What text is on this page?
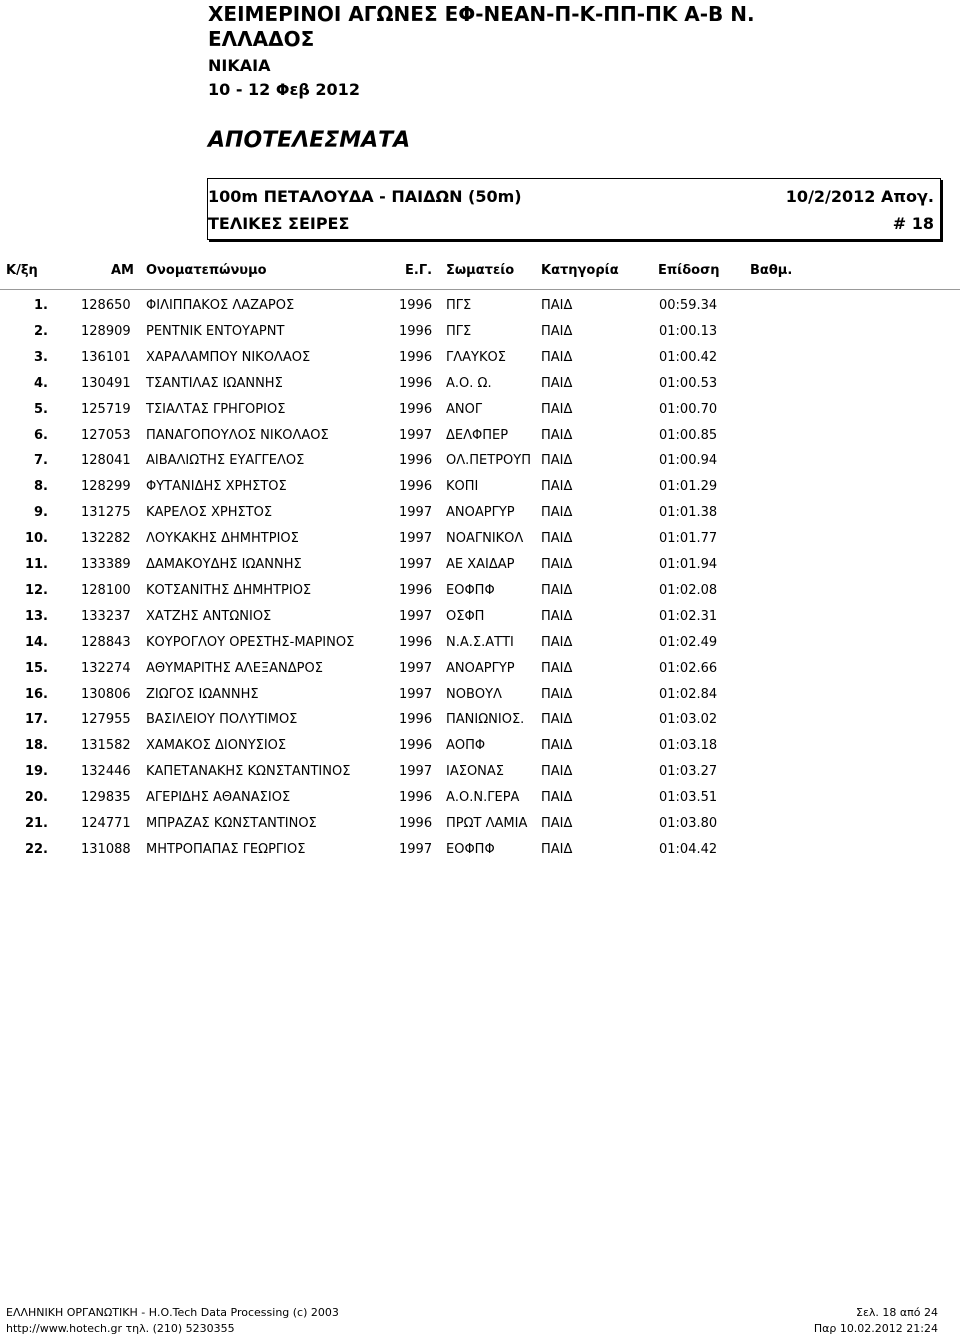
ΧΕΙΜΕΡΙΝΟΙ ΑΓΩΝΕΣ ΕΦ-ΝΕΑΝ-Π-Κ-ΠΠ-ΠΚ Α-Β Ν.
ΕΛΛΑΔΟΣ
ΝΙΚΑΙΑ
10 - 12 Φεβ 2012
ΑΠΟΤΕΛΕΣΜΑΤΑ
100m ΠΕΤΑΛΟΥΔΑ - ΠΑΙΔΩΝ (50m)	10/2/2012 Απογ.
ΤΕΛΙΚΕΣ ΣΕΙΡΕΣ	# 18
Κ/ξη	ΑΜ Ονοματεπώνυμο	Ε.Γ. Σωματείο Κατηγορία	Επίδοση Βαθμ.
1.	128650 ΦΙΛΙΠΠΑΚΟΣ ΛΑΖΑΡΟΣ	1996 ΠΓΣ	ΠΑΙΔ	00:59.34
2.	128909 ΡΕΝΤΝΙΚ ΕΝΤΟΥΑΡΝΤ	1996 ΠΓΣ	ΠΑΙΔ	01:00.13
3.	136101 ΧΑΡΑΛΑΜΠΟΥ ΝΙΚΟΛΑΟΣ	1996 ΓΛΑΥΚΟΣ	ΠΑΙΔ	01:00.42
4.	130491 ΤΣΑΝΤΙΛΑΣ ΙΩΑΝΝΗΣ	1996 Α.Ο. Ω.	ΠΑΙΔ	01:00.53
5.	125719 ΤΣΙΑΛΤΑΣ ΓΡΗΓΟΡΙΟΣ	1996 ΑΝΟΓ	ΠΑΙΔ	01:00.70
6.	127053 ΠΑΝΑΓΟΠΟΥΛΟΣ ΝΙΚΟΛΑΟΣ	1997 ΔΕΛΦΠΕΡ	ΠΑΙΔ	01:00.85
7.	128041 ΑΙΒΑΛΙΩΤΗΣ ΕΥΑΓΓΕΛΟΣ	1996 ΟΛ.ΠΕΤΡΟΥΠ ΠΑΙΔ	01:00.94
8.	128299 ΦΥΤΑΝΙΔΗΣ ΧΡΗΣΤΟΣ	1996 ΚΟΠΙ	ΠΑΙΔ	01:01.29
9.	131275 ΚΑΡΕΛΟΣ ΧΡΗΣΤΟΣ	1997 ΑΝΟΑΡΓΥΡ ΠΑΙΔ	01:01.38
10.	132282 ΛΟΥΚΑΚΗΣ ΔΗΜΗΤΡΙΟΣ	1997 ΝΟΑΓΝΙΚΟΛ ΠΑΙΔ	01:01.77
11.	133389 ΔΑΜΑΚΟΥΔΗΣ ΙΩΑΝΝΗΣ	1997 ΑΕ ΧΑΙΔΑΡ ΠΑΙΔ	01:01.94
12.	128100 ΚΟΤΣΑΝΙΤΗΣ ΔΗΜΗΤΡΙΟΣ	1996 ΕΟΦΠΦ	ΠΑΙΔ	01:02.08
13.	133237 ΧΑΤΖΗΣ ΑΝΤΩΝΙΟΣ	1997 ΟΣΦΠ	ΠΑΙΔ	01:02.31
14.	128843 ΚΟΥΡΟΓΛΟΥ ΟΡΕΣΤΗΣ-ΜΑΡΙΝΟΣ	1996 Ν.Α.Σ.ΑΤΤΙ ΠΑΙΔ	01:02.49
15.	132274 ΑΘΥΜΑΡΙΤΗΣ ΑΛΕΞΑΝΔΡΟΣ	1997 ΑΝΟΑΡΓΥΡ ΠΑΙΔ	01:02.66
16.	130806 ΖΙΩΓΟΣ ΙΩΑΝΝΗΣ	1997 ΝΟΒΟΥΛ	ΠΑΙΔ	01:02.84
17.	127955 ΒΑΣΙΛΕΙΟΥ ΠΟΛΥΤΙΜΟΣ	1996 ΠΑΝΙΩΝΙΟΣ. ΠΑΙΔ	01:03.02
18.	131582 ΧΑΜΑΚΟΣ ΔΙΟΝΥΣΙΟΣ	1996 ΑΟΠΦ	ΠΑΙΔ	01:03.18
19.	132446 ΚΑΠΕΤΑΝΑΚΗΣ ΚΩΝΣΤΑΝΤΙΝΟΣ	1997 ΙΑΣΟΝΑΣ	ΠΑΙΔ	01:03.27
20.	129835 ΑΓΕΡΙΔΗΣ ΑΘΑΝΑΣΙΟΣ	1996 Α.Ο.Ν.ΓΕΡΑ ΠΑΙΔ	01:03.51
21.	124771 ΜΠΡΑΖΑΣ ΚΩΝΣΤΑΝΤΙΝΟΣ	1996 ΠΡΩΤ ΛΑΜΙΑ ΠΑΙΔ	01:03.80
22.	131088 ΜΗΤΡΟΠΑΠΑΣ ΓΕΩΡΓΙΟΣ	1997 ΕΟΦΠΦ	ΠΑΙΔ	01:04.42
ΕΛΛΗΝΙΚΗ ΟΡΓΑΝΩΤΙΚΗ - Η.Ο.Tech Data Processing (c) 2003
http://www.hotech.gr τηλ. (210) 5230355
Σελ. 18 από 24
Παρ 10.02.2012 21:24
